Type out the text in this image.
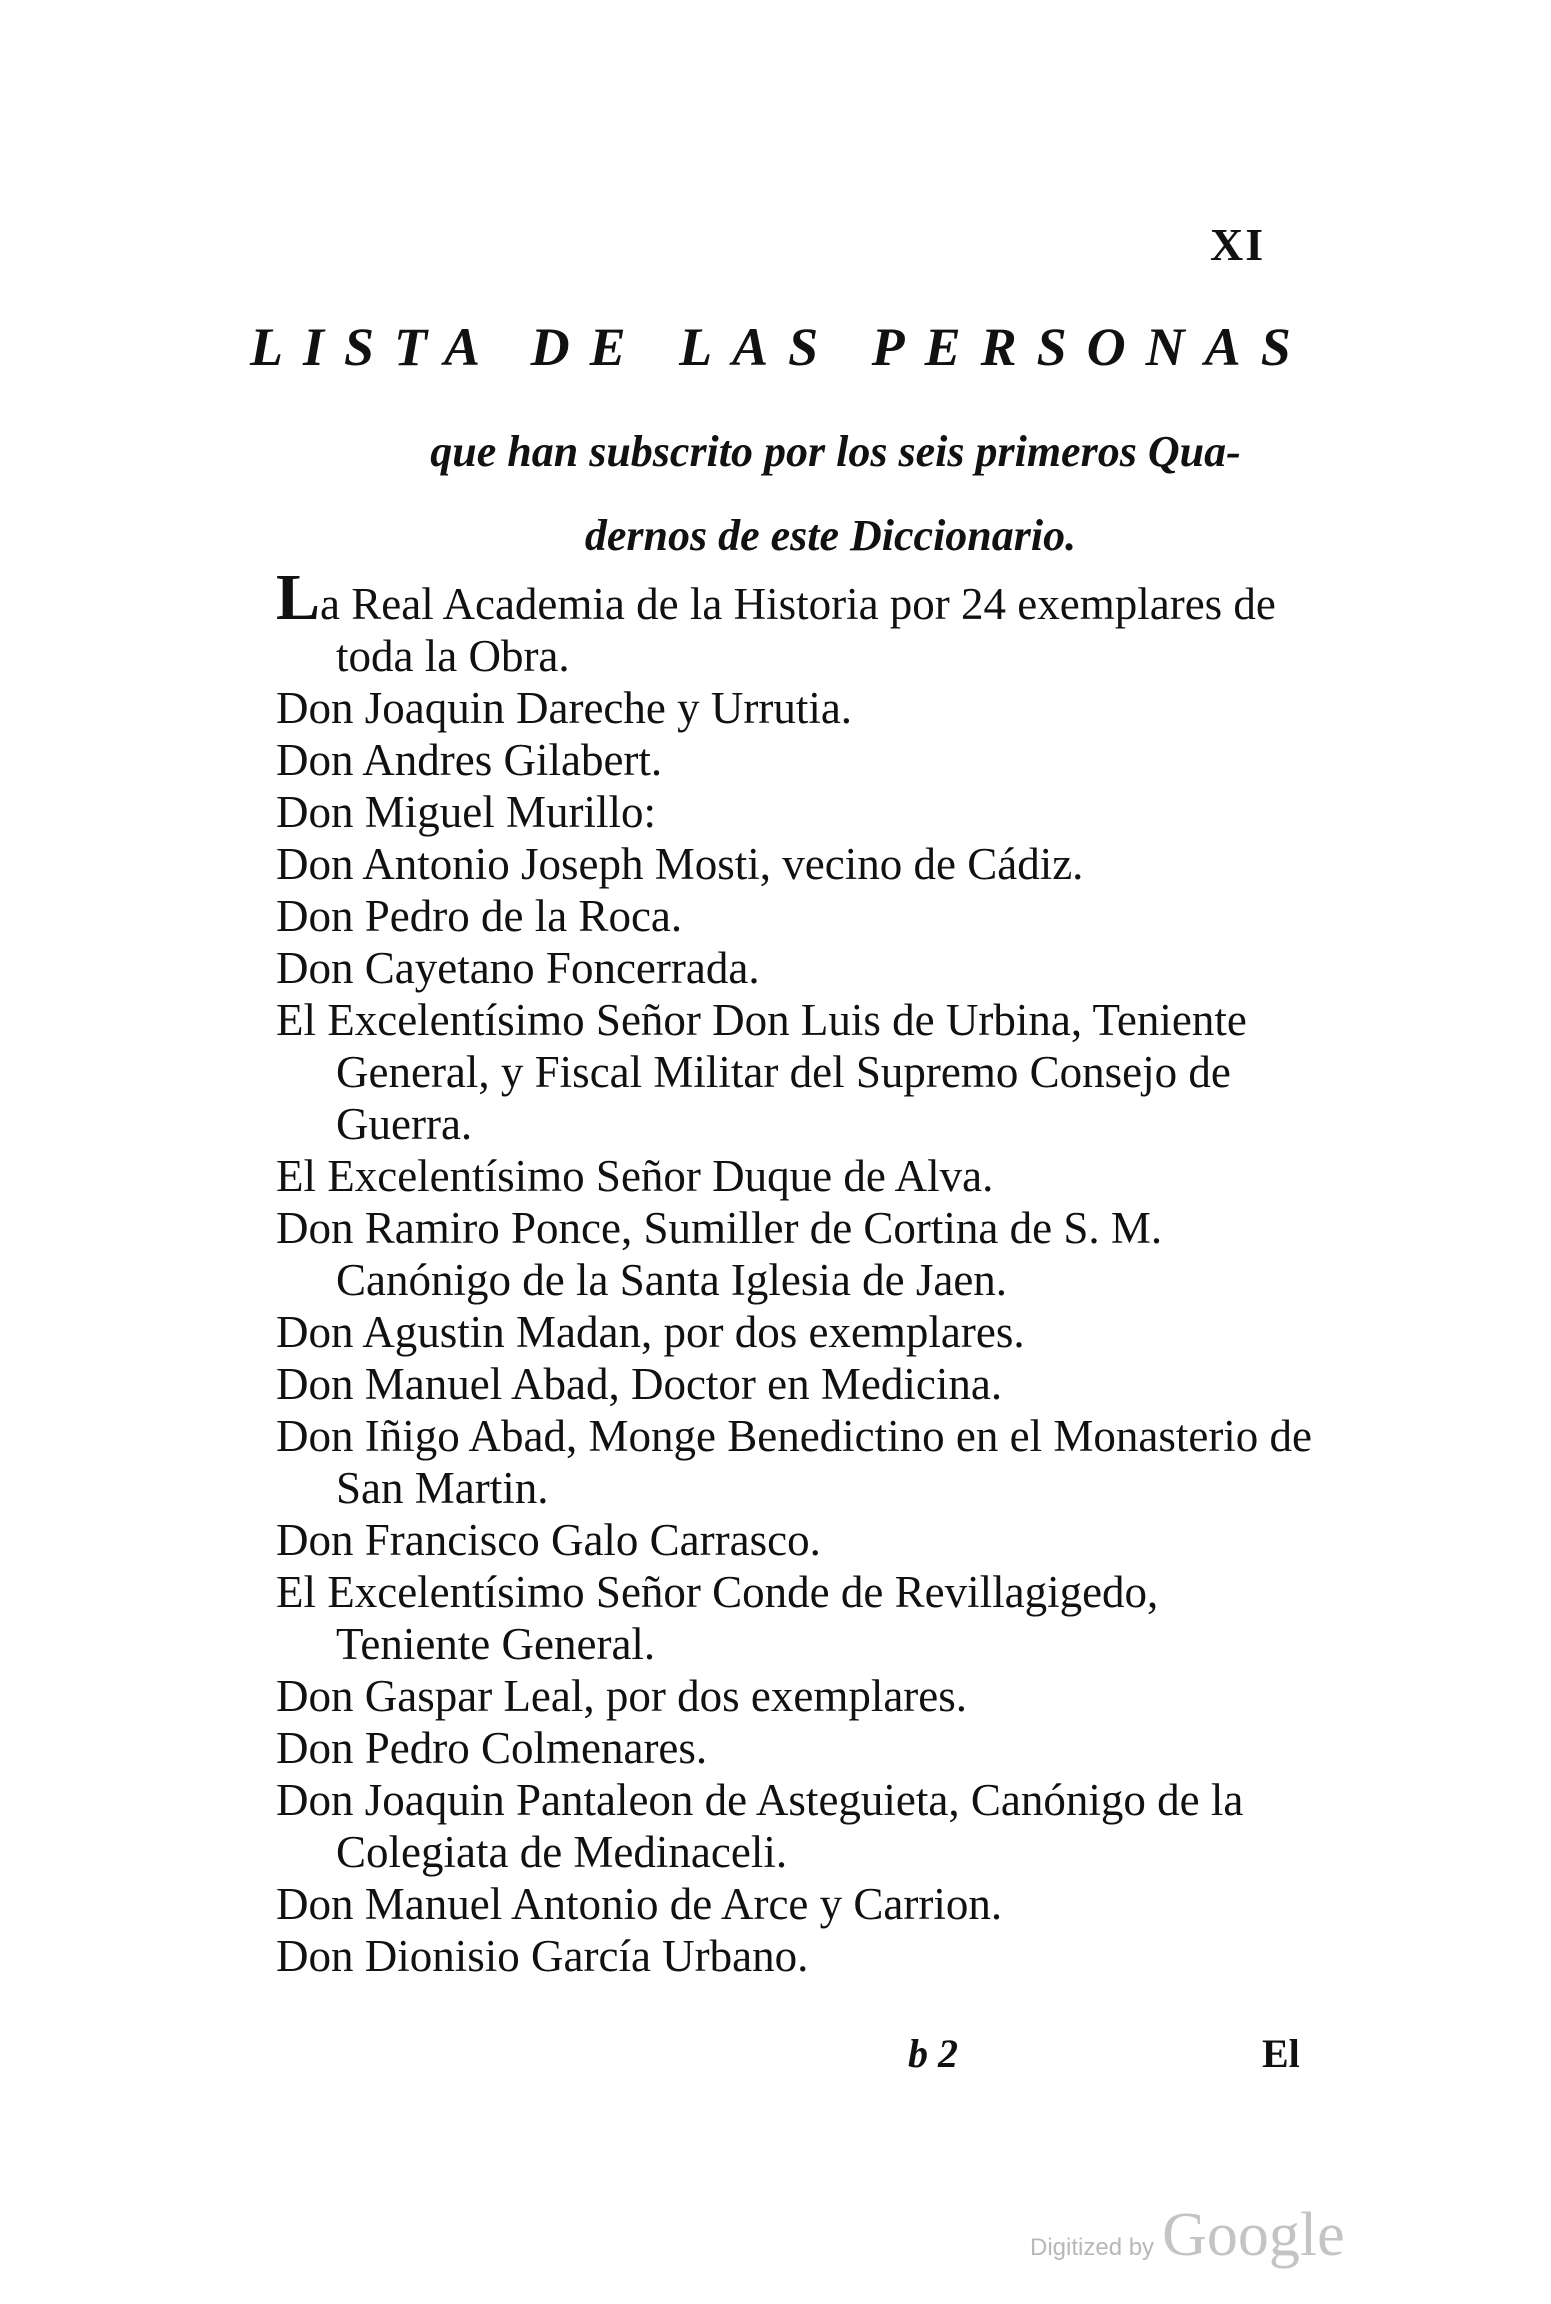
XI
LISTA DE LAS PERSONAS

que han subscrito por los seis primeros Qua-
dernos de este Diccionario.

La Real Academia de la Historia por 24 exemplares de toda la Obra.
Don Joaquin Dareche y Urrutia.
Don Andres Gilabert.
Don Miguel Murillo:
Don Antonio Joseph Mosti, vecino de Cádiz.
Don Pedro de la Roca.
Don Cayetano Foncerrada.
El Excelentísimo Señor Don Luis de Urbina, Teniente General, y Fiscal Militar del Supremo Consejo de Guerra.
El Excelentísimo Señor Duque de Alva.
Don Ramiro Ponce, Sumiller de Cortina de S. M. Canónigo de la Santa Iglesia de Jaen.
Don Agustin Madan, por dos exemplares.
Don Manuel Abad, Doctor en Medicina.
Don Iñigo Abad, Monge Benedictino en el Monasterio de San Martin.
Don Francisco Galo Carrasco.
El Excelentísimo Señor Conde de Revillagigedo, Teniente General.
Don Gaspar Leal, por dos exemplares.
Don Pedro Colmenares.
Don Joaquin Pantaleon de Asteguieta, Canónigo de la Colegiata de Medinaceli.
Don Manuel Antonio de Arce y Carrion.
Don Dionisio García Urbano.
b 2	El
Digitized by Google
